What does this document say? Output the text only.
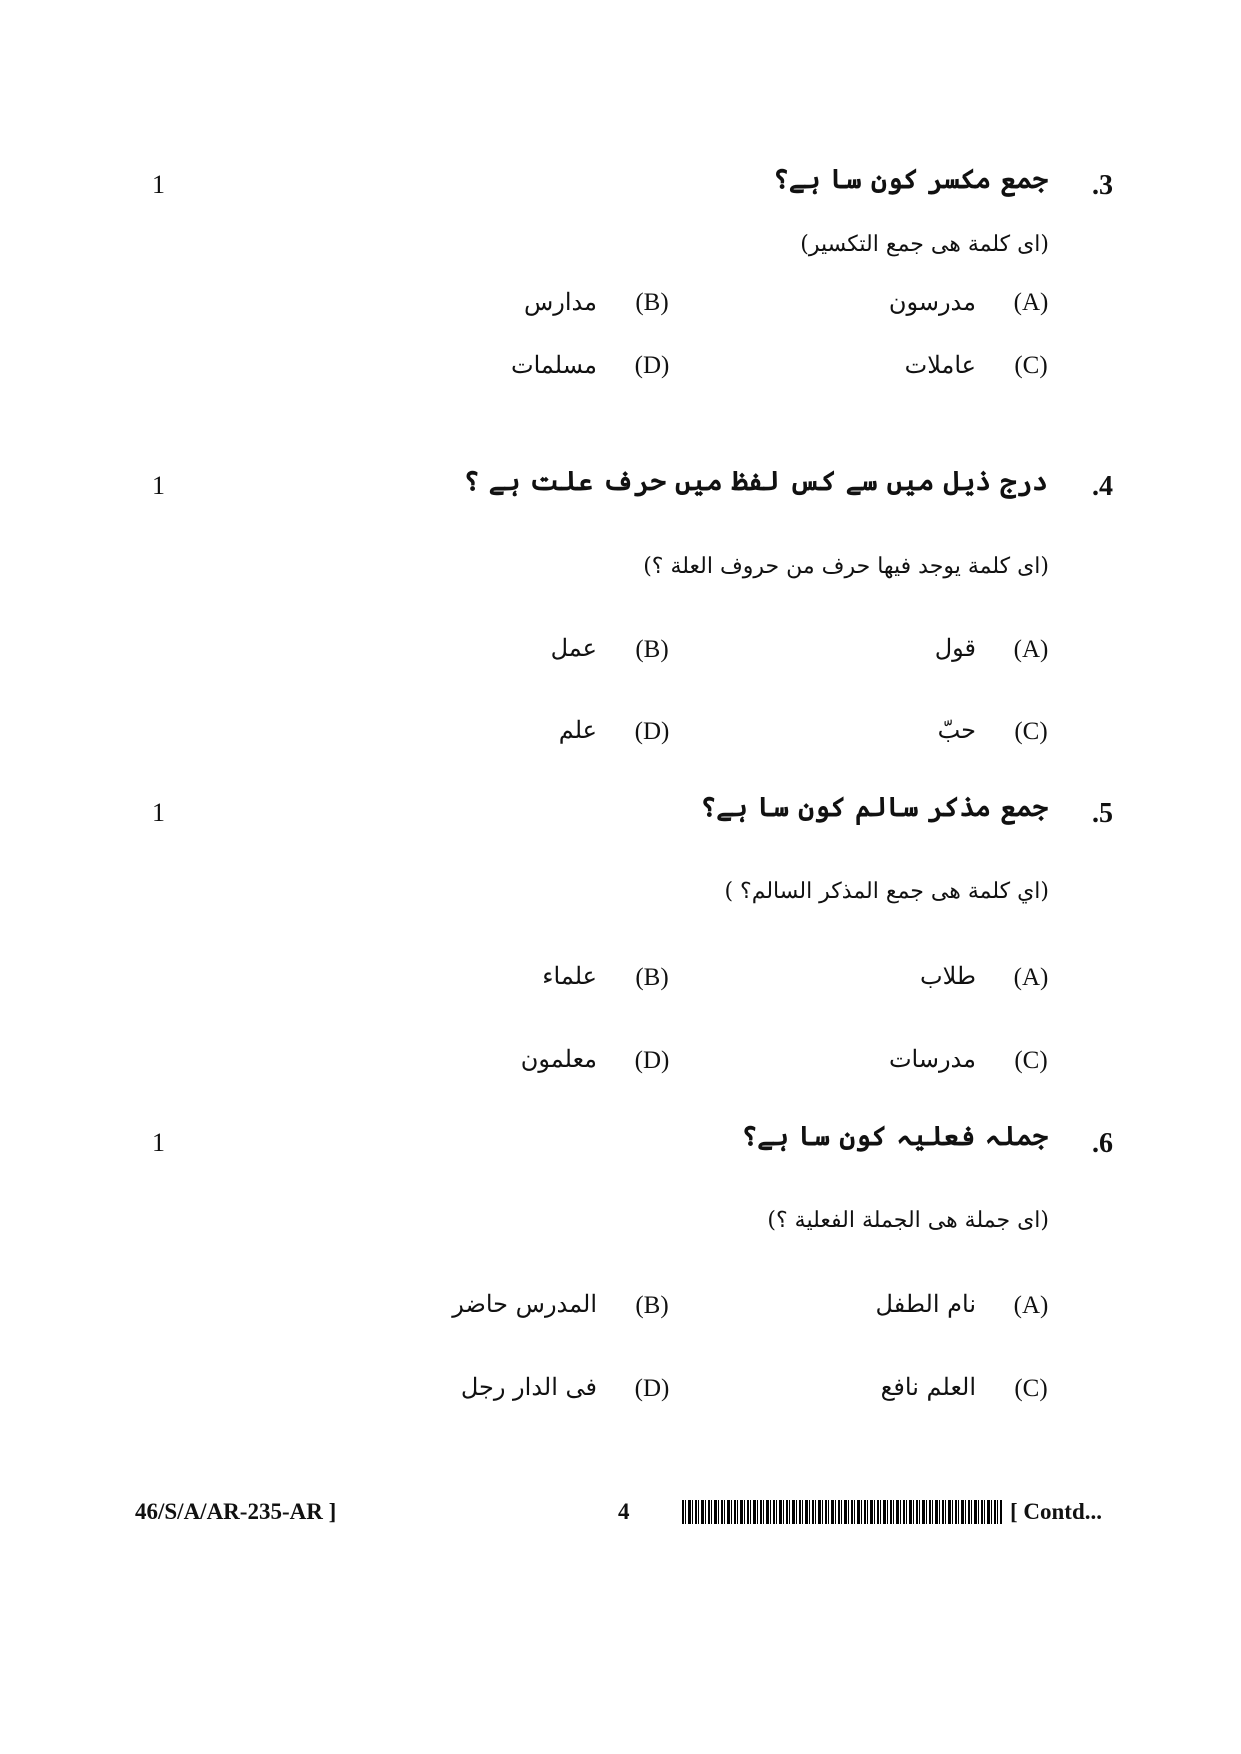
1	.3
جمع مکسر کون سا ہے؟
(ای کلمة هی جمع التکسیر)
(A)
مدرسون
(B)
مدارس
(C)
عاملات
(D)
مسلمات
1	.4
درج ذیل میں سے کس لفظ میں حرف علت ہے ؟
(ای کلمة یوجد فیها حرف من حروف العلة ؟)
(A)
قول
(B)
عمل
(C)
حبّ
(D)
علم
1	.5
جمع مذکر سالم کون سا ہے؟
(اي کلمة هی جمع المذکر السالم؟ )
(A)
طلاب
(B)
علماء
(C)
مدرسات
(D)
معلمون
1	.6
جملہ فعلیہ کون سا ہے؟
(ای جملة هی الجملة الفعلیة ؟)
(A)
نام الطفل
(B)
المدرس حاضر
(C)
العلم نافع
(D)
فی الدار رجل
46/S/A/AR-235-AR ]	4	[ Contd...
